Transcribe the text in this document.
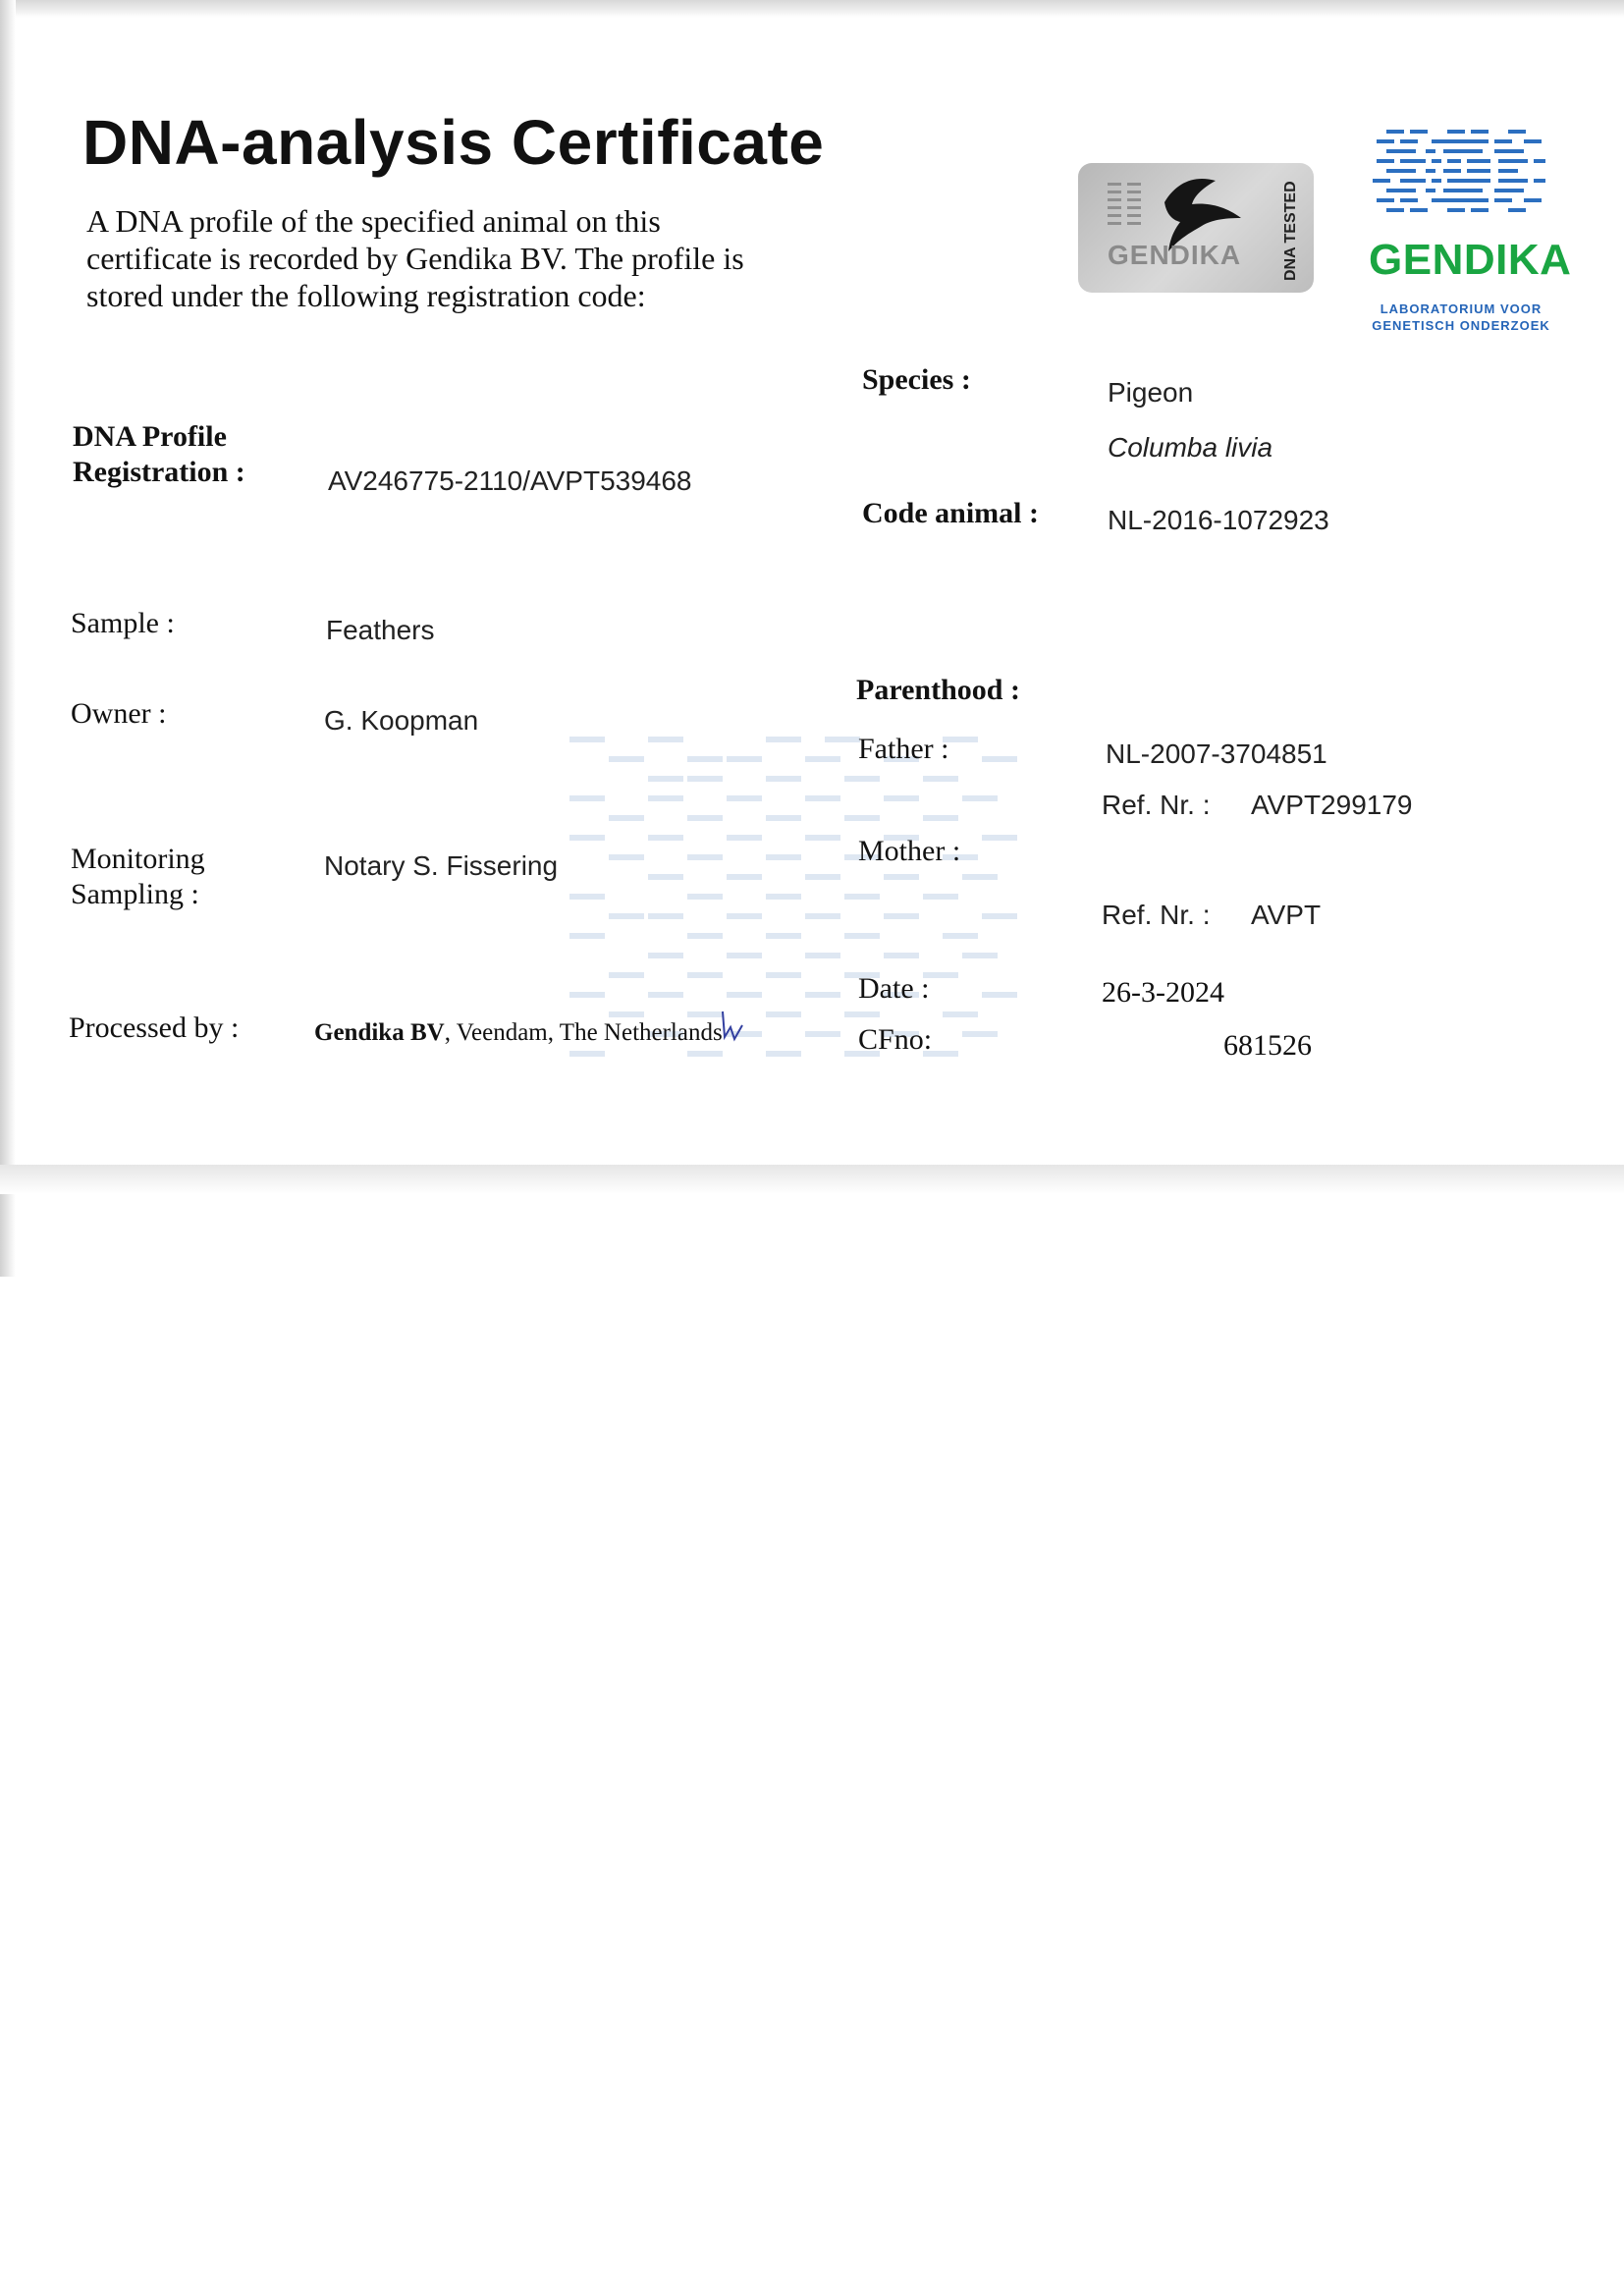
DNA-analysis Certificate
A DNA profile of the specified animal on this certificate is recorded by Gendika BV. The profile is stored under the following registration code:
GENDIKA	DNA TESTED GENDIKA
LABORATORIUM VOOR GENETISCH ONDERZOEK
DNA Profile
Registration :	AV246775-2110/AVPT539468
Sample :	Feathers
Owner :	G. Koopman
Monitoring
Sampling :
Notary S. Fissering
Processed by :	Gendika BV, Veendam, The Netherlands
Species :	Pigeon
Columba livia
Code animal :	NL-2016-1072923
Parenthood :
Father :	NL-2007-3704851
Ref. Nr. : AVPT299179
Mother :
Ref. Nr. : AVPT
Date :	26-3-2024
CFno:	681526
